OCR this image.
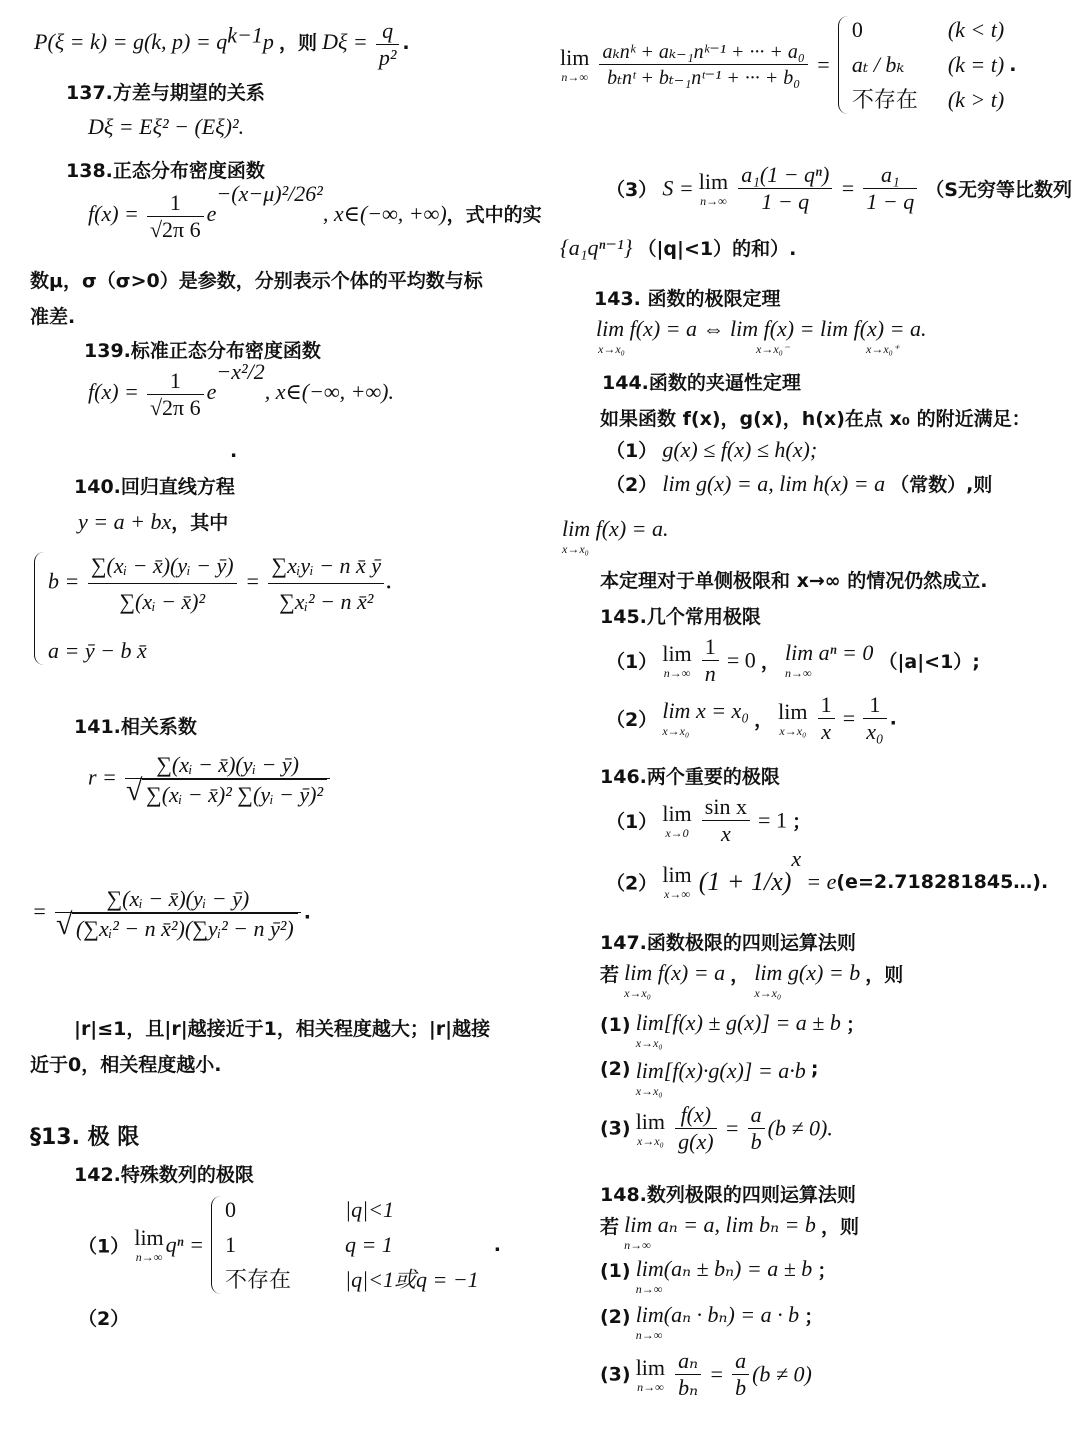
P(ξ = k) = g(k, $p) = q^{k-1}p$ ，则 $D\xi = \frac{q}{\text{p²}}$ .
137.方差与期望的关系
Dξ = Eξ² − (Eξ)².
138.正态分布密度函数
$f(x) = \frac{1}{√2\pi 6} e^{-(x-\mu)^2/26^2}$, x∈(−∞, +∞)，式中的实
数μ，σ（σ>0）是参数，分别表示个体的平均数与标
准差.
139.标准正态分布密度函数
$f(x) = \frac{1}{√2\pi 6} e^{-x^2/2}$, x∈(−∞, +∞).
.
140.回归直线方程
y = a + bx，其中
$b = \frac{\text{∑(xᵢ − x̄)(yᵢ − ȳ)}}{\text{∑(xᵢ − x̄)²}} = \frac{\text{∑xᵢyᵢ − n x̄ ȳ}}{\text{∑xᵢ² − n x̄²}}$ .
a = ȳ − b x̄
141.相关系数
r = ∑(xᵢ − x̄)(yᵢ − ȳ)
√ ∑(xᵢ − x̄)² ∑(yᵢ − ȳ)²
= ∑(xᵢ − x̄)(yᵢ − ȳ)
√ (∑xᵢ² − n x̄²)(∑yᵢ² − n ȳ²) .
|r|≤1，且|r|越接近于1，相关程度越大；|r|越接
近于0，相关程度越小.
§13. 极 限
142.特殊数列的极限
（1） lim
n→∞ qⁿ =
0	|q|<1
1	q = 1
不存在 |q|<1或q = −1
.
（2）
lim
n→∞
$\frac{\text{aₖnᵏ + aₖ₋₁nᵏ⁻¹ + ··· + a₀}}{\text{bₜnᵗ + bₜ₋₁nᵗ⁻¹ + ··· + b₀}}$ =
0	(k < t)
aₜ / bₖ (k = t)
不存在 (k > t)
.
（3） S = lim
n→∞
$\frac{\text{a₁(1 − qⁿ)}}{1 - q} = \frac{\text{a₁}}{1 - q} (S$无穷等比数列
{a₁qⁿ⁻¹} （|q|<1）的和）.
143. 函数的极限定理
lim f(x) = a ⇔ lim f(x) = lim f(x) = a.
x→x₀	x→x₀⁻	x→x₀⁺
144.函数的夹逼性定理
如果函数 f(x)，g(x)，h(x)在点 x₀ 的附近满足：
（1） g(x) ≤ f(x) ≤ h(x);
（2） lim g(x) = a, lim h(x) = a （常数）,则
lim f(x) = a.
x→x₀
本定理对于单侧极限和 x→∞ 的情况仍然成立.
145.几个常用极限
（1） lim
n→∞
$\frac{1}{n} = 0$ ， lim aⁿ = 0
n→∞	（|a|<1）;
（2） lim x = x₀
x→x₀	， lim
x→x₀
$\frac{1}{x} = \frac{1}{\text{x₀}}$ .
146.两个重要的极限
（1） lim
x→0
$\frac{\text{sin x}}{x} = 1$ ；
（2） lim
x→∞ $(1 + 1/x)^x$ = e(e=2.718281845…).
147.函数极限的四则运算法则
若 lim f(x) = a
x→x₀
， lim g(x) = b
x→x₀
，则
(1) lim[f(x) ± g(x)] = a ± b
x→x₀
；
(2) lim[f(x)·g(x)] = a·b
x→x₀
;
(3) lim
x→x₀
$\frac{f(x)}{g(x)} = \frac{a}{b} (b \ne 0)$.
148.数列极限的四则运算法则
若 lim aₙ = a, lim bₙ = b
n→∞
，则
(1) lim(aₙ ± bₙ) = a ± b
n→∞
；
(2) lim(aₙ · bₙ) = a · b
n→∞
；
(3) lim
n→∞
$\frac{\text{aₙ}}{\text{bₙ}} = \frac{a}{b} (b \ne 0)$
